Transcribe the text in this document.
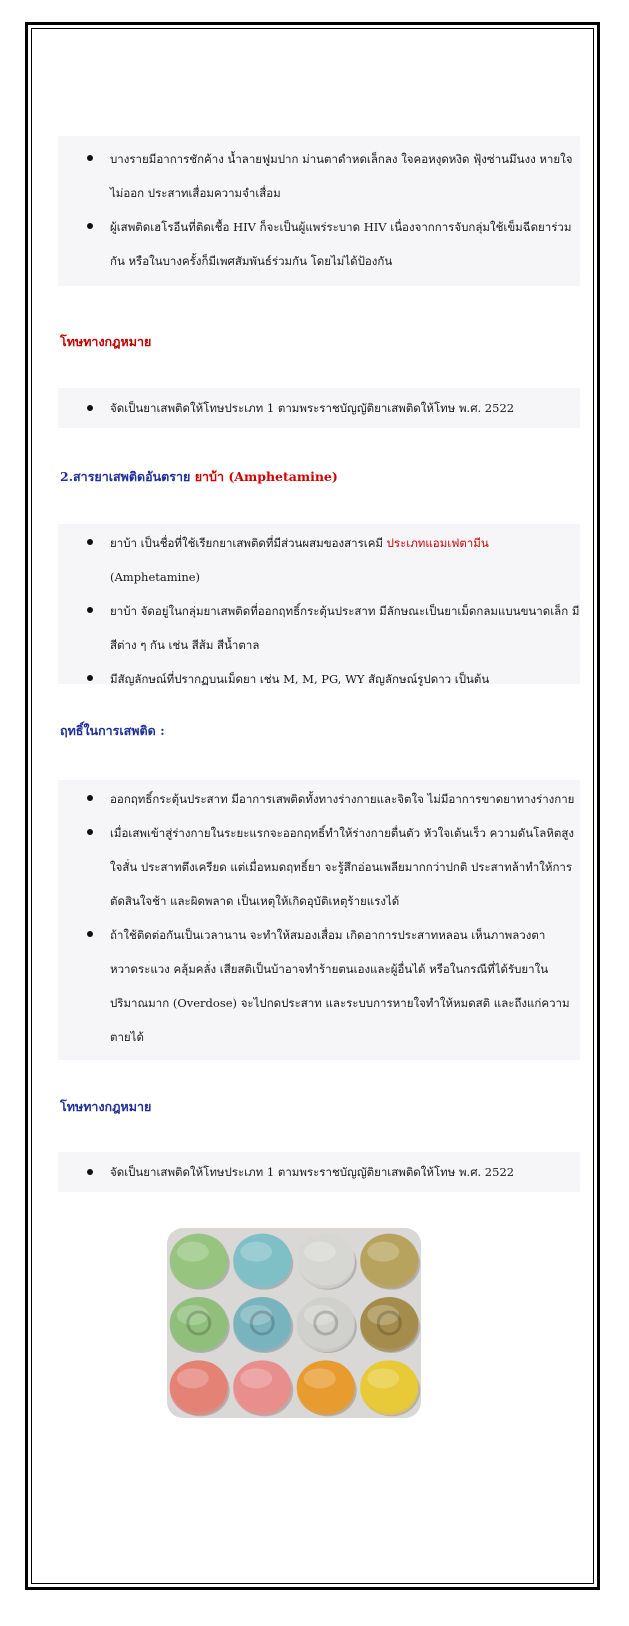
บางรายมีอาการชักค้าง น้ำลายฟูมปาก ม่านตาดำหดเล็กลง ใจคอหงุดหงิด ฟุ้งซ่านมึนงง หายใจไม่ออก ประสาทเสื่อมความจำเสื่อม
ผู้เสพติดเฮโรอีนที่ติดเชื้อ HIV ก็จะเป็นผู้แพร่ระบาด HIV เนื่องจากการจับกลุ่มใช้เข็มฉีดยาร่วมกัน หรือในบางครั้งก็มีเพศสัมพันธ์ร่วมกัน โดยไม่ได้ป้องกัน
โทษทางกฎหมาย
จัดเป็นยาเสพติดให้โทษประเภท 1 ตามพระราชบัญญัติยาเสพติดให้โทษ พ.ศ. 2522
2.สารยาเสพติดอันตราย ยาบ้า (Amphetamine)
ยาบ้า เป็นชื่อที่ใช้เรียกยาเสพติดที่มีส่วนผสมของสารเคมี ประเภทแอมเฟตามีน (Amphetamine)
ยาบ้า จัดอยู่ในกลุ่มยาเสพติดที่ออกฤทธิ์กระตุ้นประสาท มีลักษณะเป็นยาเม็ดกลมแบนขนาดเล็ก มีสีต่าง ๆ กัน เช่น สีส้ม สีน้ำตาล
มีสัญลักษณ์ที่ปรากฏบนเม็ดยา เช่น M, M, PG, WY สัญลักษณ์รูปดาว เป็นต้น
ฤทธิ์ในการเสพติด :
ออกฤทธิ์กระตุ้นประสาท มีอาการเสพติดทั้งทางร่างกายและจิตใจ ไม่มีอาการขาดยาทางร่างกาย
เมื่อเสพเข้าสู่ร่างกายในระยะแรกจะออกฤทธิ์ทำให้ร่างกายตื่นตัว หัวใจเต้นเร็ว ความดันโลหิตสูง ใจสั่น ประสาทตึงเครียด แต่เมื่อหมดฤทธิ์ยา จะรู้สึกอ่อนเพลียมากกว่าปกติ ประสาทล้าทำให้การตัดสินใจช้า และผิดพลาด เป็นเหตุให้เกิดอุบัติเหตุร้ายแรงได้
ถ้าใช้ติดต่อกันเป็นเวลานาน จะทำให้สมองเสื่อม เกิดอาการประสาทหลอน เห็นภาพลวงตา หวาดระแวง คลุ้มคลั่ง เสียสติเป็นบ้าอาจทำร้ายตนเองและผู้อื่นได้ หรือในกรณีที่ได้รับยาในปริมาณมาก (Overdose) จะไปกดประสาท และระบบการหายใจทำให้หมดสติ และถึงแก่ความตายได้
โทษทางกฎหมาย
จัดเป็นยาเสพติดให้โทษประเภท 1 ตามพระราชบัญญัติยาเสพติดให้โทษ พ.ศ. 2522
